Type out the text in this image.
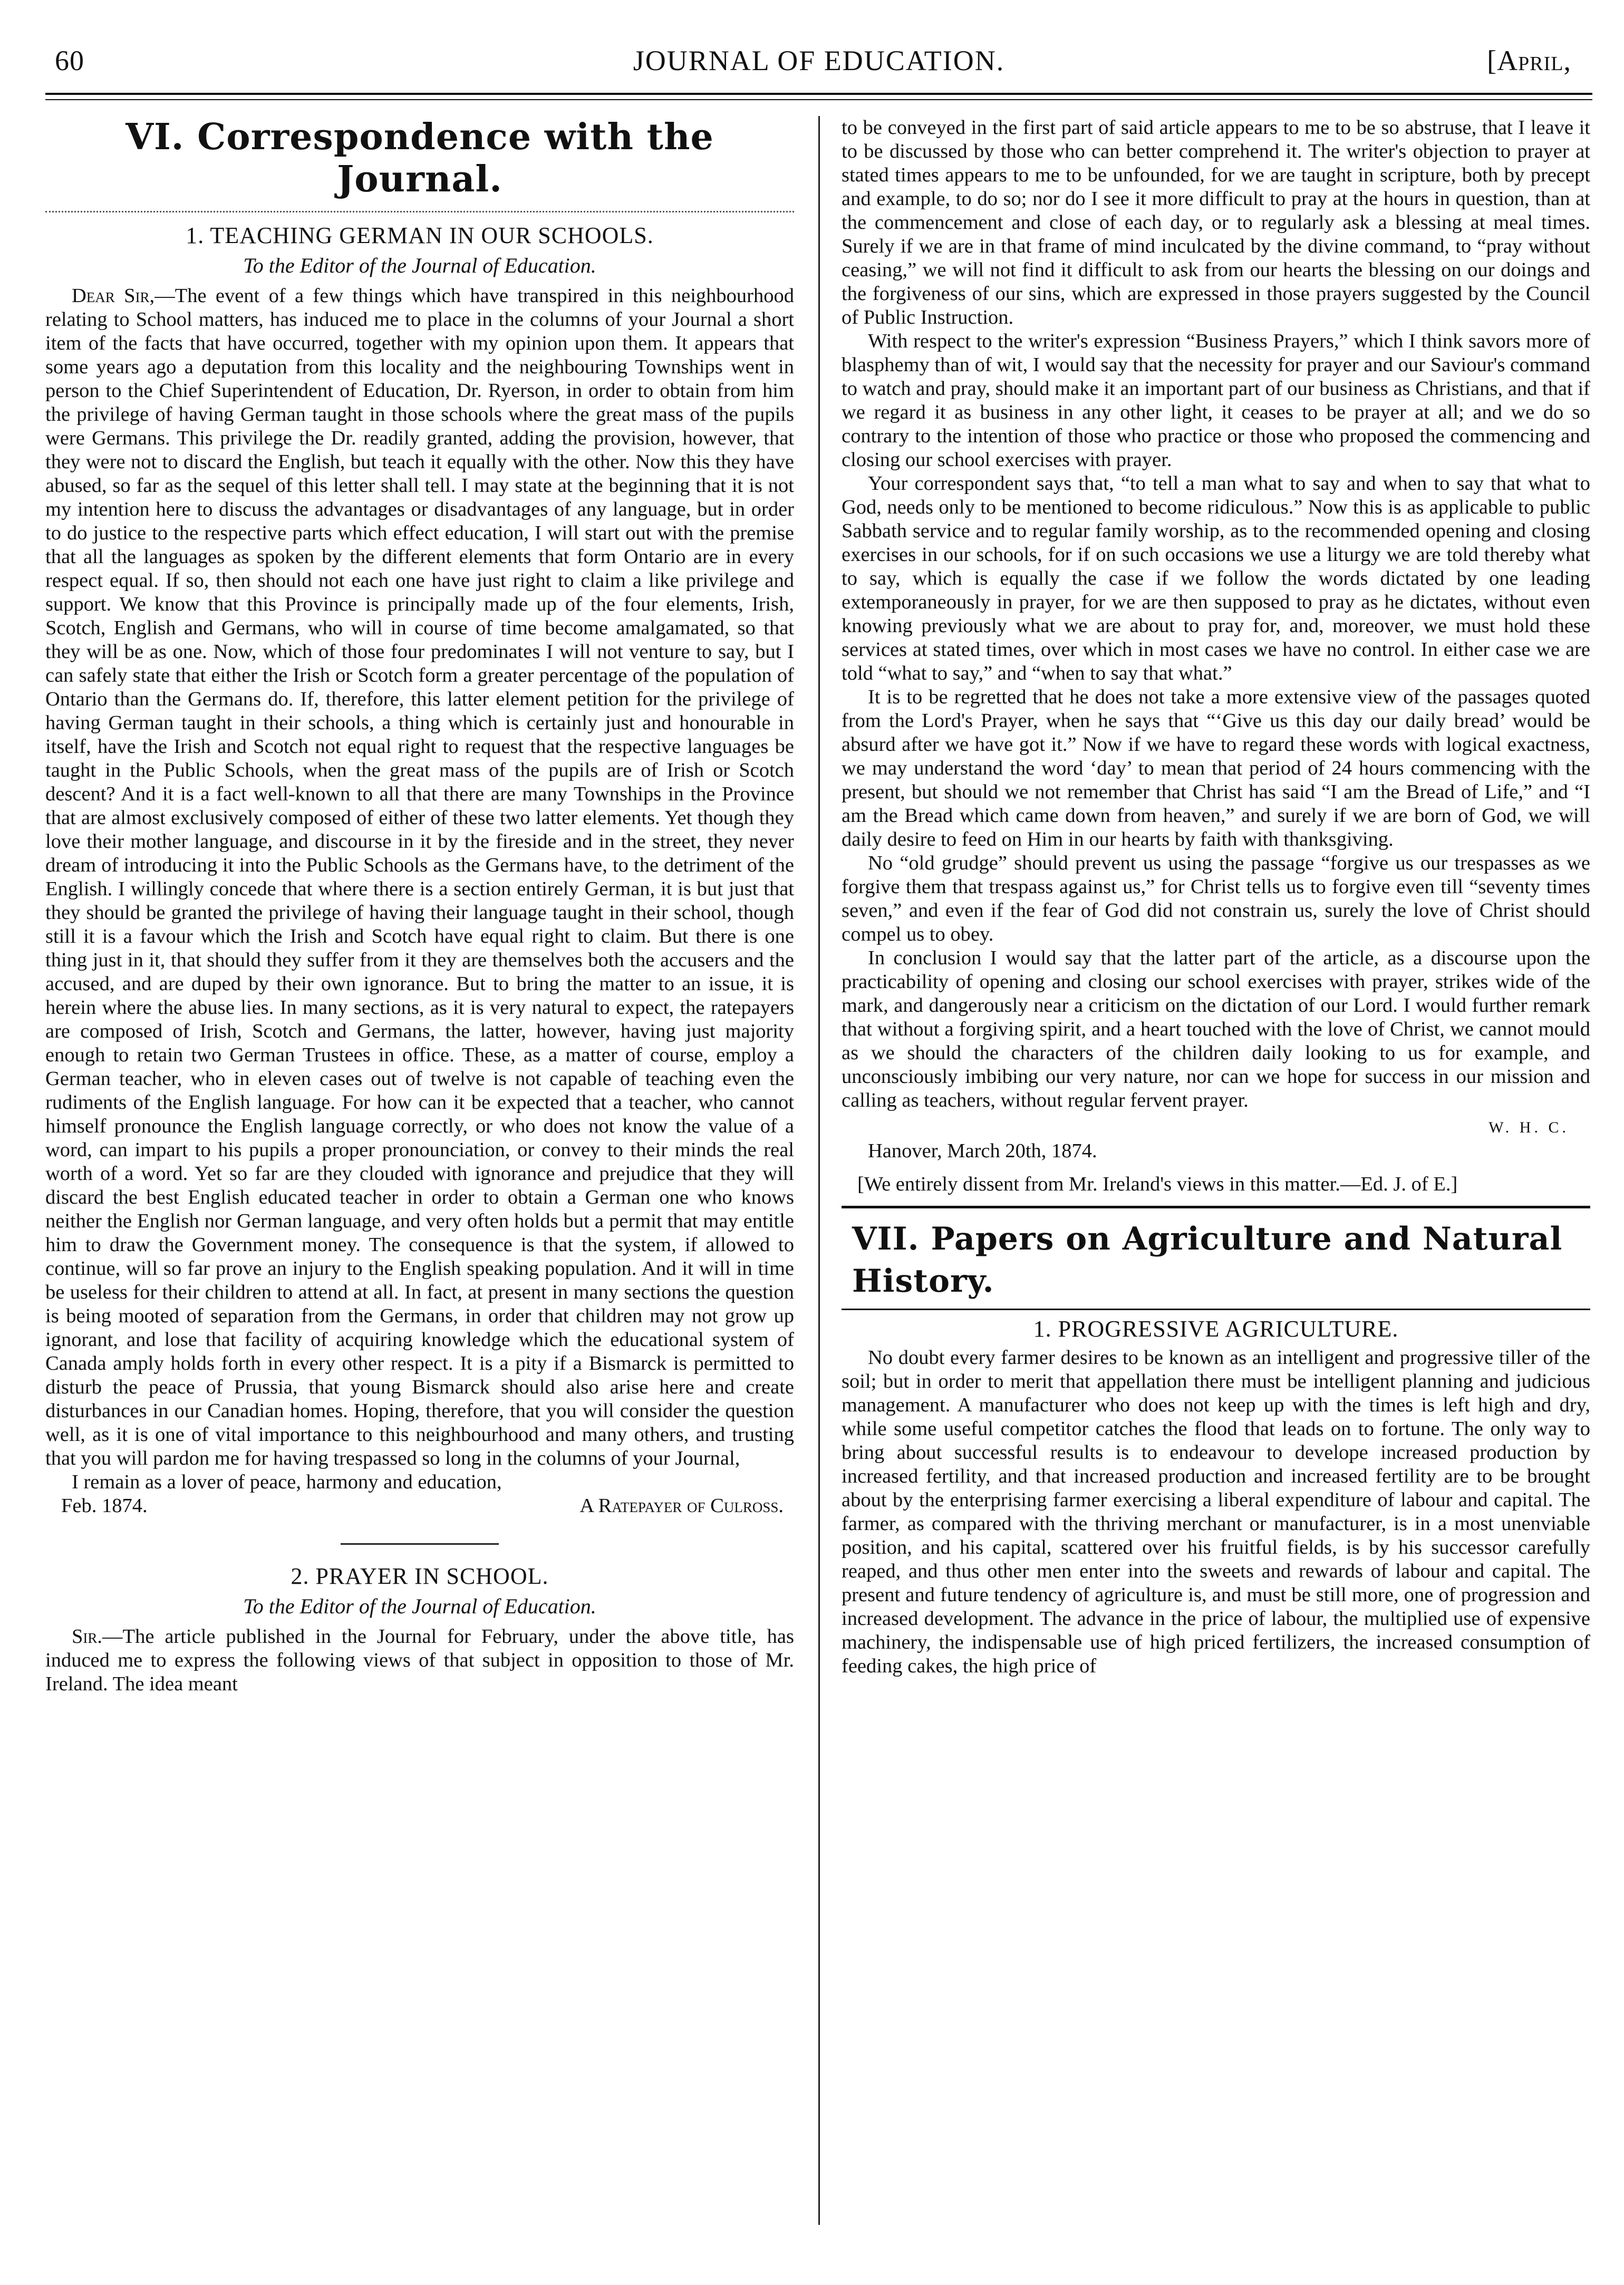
60	JOURNAL OF EDUCATION.	[April,
VI. Correspondence with the Journal.
1. TEACHING GERMAN IN OUR SCHOOLS.
To the Editor of the Journal of Education.

Dear Sir,—The event of a few things which have transpired in this neighbourhood relating to School matters, has induced me to place in the columns of your Journal a short item of the facts that have occurred, together with my opinion upon them. It appears that some years ago a deputation from this locality and the neighbouring Townships went in person to the Chief Superintendent of Education, Dr. Ryerson, in order to obtain from him the privilege of having German taught in those schools where the great mass of the pupils were Germans. This privilege the Dr. readily granted, adding the provision, however, that they were not to discard the English, but teach it equally with the other. Now this they have abused, so far as the sequel of this letter shall tell. I may state at the beginning that it is not my intention here to discuss the advantages or disadvantages of any language, but in order to do justice to the respective parts which effect education, I will start out with the premise that all the languages as spoken by the different elements that form Ontario are in every respect equal. If so, then should not each one have just right to claim a like privilege and support. We know that this Province is principally made up of the four elements, Irish, Scotch, English and Germans, who will in course of time become amalgamated, so that they will be as one. Now, which of those four predominates I will not venture to say, but I can safely state that either the Irish or Scotch form a greater percentage of the population of Ontario than the Germans do. If, therefore, this latter element petition for the privilege of having German taught in their schools, a thing which is certainly just and honourable in itself, have the Irish and Scotch not equal right to request that the respective languages be taught in the Public Schools, when the great mass of the pupils are of Irish or Scotch descent? And it is a fact well-known to all that there are many Townships in the Province that are almost exclusively composed of either of these two latter elements. Yet though they love their mother language, and discourse in it by the fireside and in the street, they never dream of introducing it into the Public Schools as the Germans have, to the detriment of the English. I willingly concede that where there is a section entirely German, it is but just that they should be granted the privilege of having their language taught in their school, though still it is a favour which the Irish and Scotch have equal right to claim. But there is one thing just in it, that should they suffer from it they are themselves both the accusers and the accused, and are duped by their own ignorance. But to bring the matter to an issue, it is herein where the abuse lies. In many sections, as it is very natural to expect, the ratepayers are composed of Irish, Scotch and Germans, the latter, however, having just majority enough to retain two German Trustees in office. These, as a matter of course, employ a German teacher, who in eleven cases out of twelve is not capable of teaching even the rudiments of the English language. For how can it be expected that a teacher, who cannot himself pronounce the English language correctly, or who does not know the value of a word, can impart to his pupils a proper pronounciation, or convey to their minds the real worth of a word. Yet so far are they clouded with ignorance and prejudice that they will discard the best English educated teacher in order to obtain a German one who knows neither the English nor German language, and very often holds but a permit that may entitle him to draw the Government money. The consequence is that the system, if allowed to continue, will so far prove an injury to the English speaking population. And it will in time be useless for their children to attend at all. In fact, at present in many sections the question is being mooted of separation from the Germans, in order that children may not grow up ignorant, and lose that facility of acquiring knowledge which the educational system of Canada amply holds forth in every other respect. It is a pity if a Bismarck is permitted to disturb the peace of Prussia, that young Bismarck should also arise here and create disturbances in our Canadian homes. Hoping, therefore, that you will consider the question well, as it is one of vital importance to this neighbourhood and many others, and trusting that you will pardon me for having trespassed so long in the columns of your Journal,

I remain as a lover of peace, harmony and education,

Feb. 1874.	A Ratepayer of Culross.
2. PRAYER IN SCHOOL.
To the Editor of the Journal of Education.

Sir.—The article published in the Journal for February, under the above title, has induced me to express the following views of that subject in opposition to those of Mr. Ireland. The idea meant

to be conveyed in the first part of said article appears to me to be so abstruse, that I leave it to be discussed by those who can better comprehend it. The writer's objection to prayer at stated times appears to me to be unfounded, for we are taught in scripture, both by precept and example, to do so; nor do I see it more difficult to pray at the hours in question, than at the commencement and close of each day, or to regularly ask a blessing at meal times. Surely if we are in that frame of mind inculcated by the divine command, to “pray without ceasing,” we will not find it difficult to ask from our hearts the blessing on our doings and the forgiveness of our sins, which are expressed in those prayers suggested by the Council of Public Instruction.

With respect to the writer's expression “Business Prayers,” which I think savors more of blasphemy than of wit, I would say that the necessity for prayer and our Saviour's command to watch and pray, should make it an important part of our business as Christians, and that if we regard it as business in any other light, it ceases to be prayer at all; and we do so contrary to the intention of those who practice or those who proposed the commencing and closing our school exercises with prayer.

Your correspondent says that, “to tell a man what to say and when to say that what to God, needs only to be mentioned to become ridiculous.” Now this is as applicable to public Sabbath service and to regular family worship, as to the recommended opening and closing exercises in our schools, for if on such occasions we use a liturgy we are told thereby what to say, which is equally the case if we follow the words dictated by one leading extemporaneously in prayer, for we are then supposed to pray as he dictates, without even knowing previously what we are about to pray for, and, moreover, we must hold these services at stated times, over which in most cases we have no control. In either case we are told “what to say,” and “when to say that what.”

It is to be regretted that he does not take a more extensive view of the passages quoted from the Lord's Prayer, when he says that “‘Give us this day our daily bread’ would be absurd after we have got it.” Now if we have to regard these words with logical exactness, we may understand the word ‘day’ to mean that period of 24 hours commencing with the present, but should we not remember that Christ has said “I am the Bread of Life,” and “I am the Bread which came down from heaven,” and surely if we are born of God, we will daily desire to feed on Him in our hearts by faith with thanksgiving.

No “old grudge” should prevent us using the passage “forgive us our trespasses as we forgive them that trespass against us,” for Christ tells us to forgive even till “seventy times seven,” and even if the fear of God did not constrain us, surely the love of Christ should compel us to obey.

In conclusion I would say that the latter part of the article, as a discourse upon the practicability of opening and closing our school exercises with prayer, strikes wide of the mark, and dangerously near a criticism on the dictation of our Lord. I would further remark that without a forgiving spirit, and a heart touched with the love of Christ, we cannot mould as we should the characters of the children daily looking to us for example, and unconsciously imbibing our very nature, nor can we hope for success in our mission and calling as teachers, without regular fervent prayer.

W. H. C.

Hanover, March 20th, 1874.

[We entirely dissent from Mr. Ireland's views in this matter.—Ed. J. of E.]

VII. Papers on Agriculture and Natural History.
1. PROGRESSIVE AGRICULTURE.

No doubt every farmer desires to be known as an intelligent and progressive tiller of the soil; but in order to merit that appellation there must be intelligent planning and judicious management. A manufacturer who does not keep up with the times is left high and dry, while some useful competitor catches the flood that leads on to fortune. The only way to bring about successful results is to endeavour to develope increased production by increased fertility, and that increased production and increased fertility are to be brought about by the enterprising farmer exercising a liberal expenditure of labour and capital. The farmer, as compared with the thriving merchant or manufacturer, is in a most unenviable position, and his capital, scattered over his fruitful fields, is by his successor carefully reaped, and thus other men enter into the sweets and rewards of labour and capital. The present and future tendency of agriculture is, and must be still more, one of progression and increased development. The advance in the price of labour, the multiplied use of expensive machinery, the indispensable use of high priced fertilizers, the increased consumption of feeding cakes, the high price of
